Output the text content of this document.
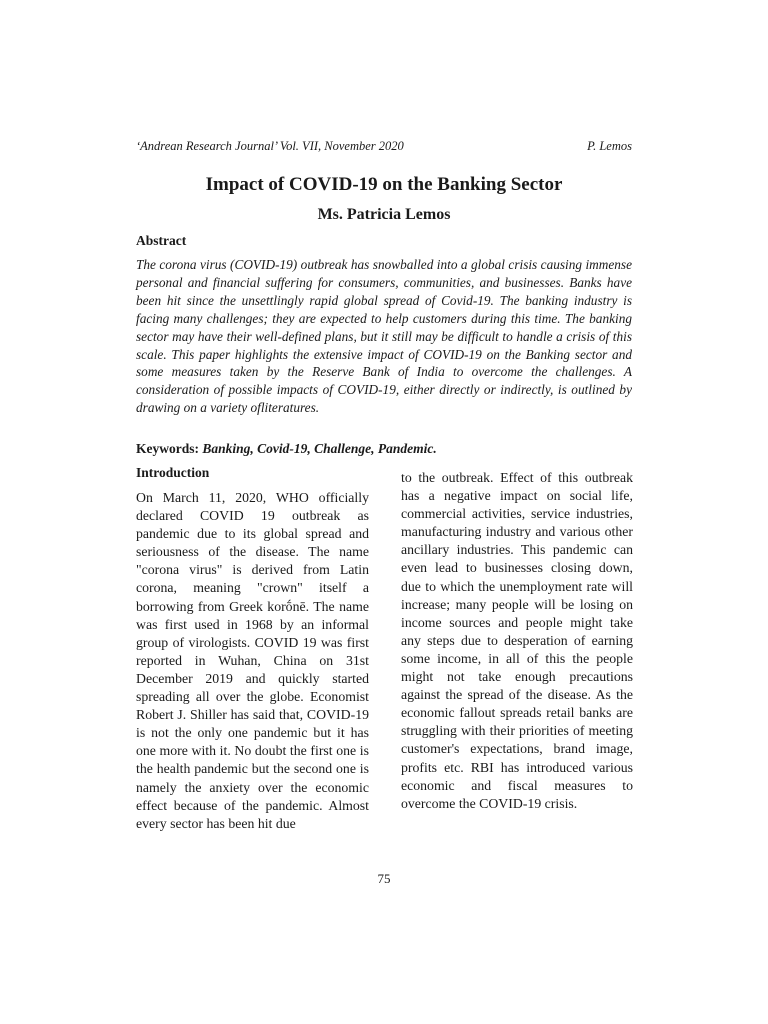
‘Andrean Research Journal’ Vol. VII, November 2020	P. Lemos
Impact of COVID-19 on the Banking Sector
Ms. Patricia Lemos
Abstract

The corona virus (COVID-19) outbreak has snowballed into a global crisis causing immense personal and financial suffering for consumers, communities, and businesses. Banks have been hit since the unsettlingly rapid global spread of Covid-19. The banking industry is facing many challenges; they are expected to help customers during this time. The banking sector may have their well-defined plans, but it still may be difficult to handle a crisis of this scale. This paper highlights the extensive impact of COVID-19 on the Banking sector and some measures taken by the Reserve Bank of India to overcome the challenges. A consideration of possible impacts of COVID-19, either directly or indirectly, is outlined by drawing on a variety ofliteratures.

Keywords: Banking, Covid-19, Challenge, Pandemic.
Introduction

On March 11, 2020, WHO officially declared COVID 19 outbreak as pandemic due to its global spread and seriousness of the disease. The name "corona virus" is derived from Latin corona, meaning "crown" itself a borrowing from Greek korṓnē. The name was first used in 1968 by an informal group of virologists. COVID 19 was first reported in Wuhan, China on 31st December 2019 and quickly started spreading all over the globe. Economist Robert J. Shiller has said that, COVID-19 is not the only one pandemic but it has one more with it. No doubt the first one is the health pandemic but the second one is namely the anxiety over the economic effect because of the pandemic. Almost every sector has been hit due

to the outbreak. Effect of this outbreak has a negative impact on social life, commercial activities, service industries, manufacturing industry and various other ancillary industries. This pandemic can even lead to businesses closing down, due to which the unemployment rate will increase; many people will be losing on income sources and people might take any steps due to desperation of earning some income, in all of this the people might not take enough precautions against the spread of the disease. As the economic fallout spreads retail banks are struggling with their priorities of meeting customer's expectations, brand image, profits etc. RBI has introduced various economic and fiscal measures to overcome the COVID-19 crisis.

75
